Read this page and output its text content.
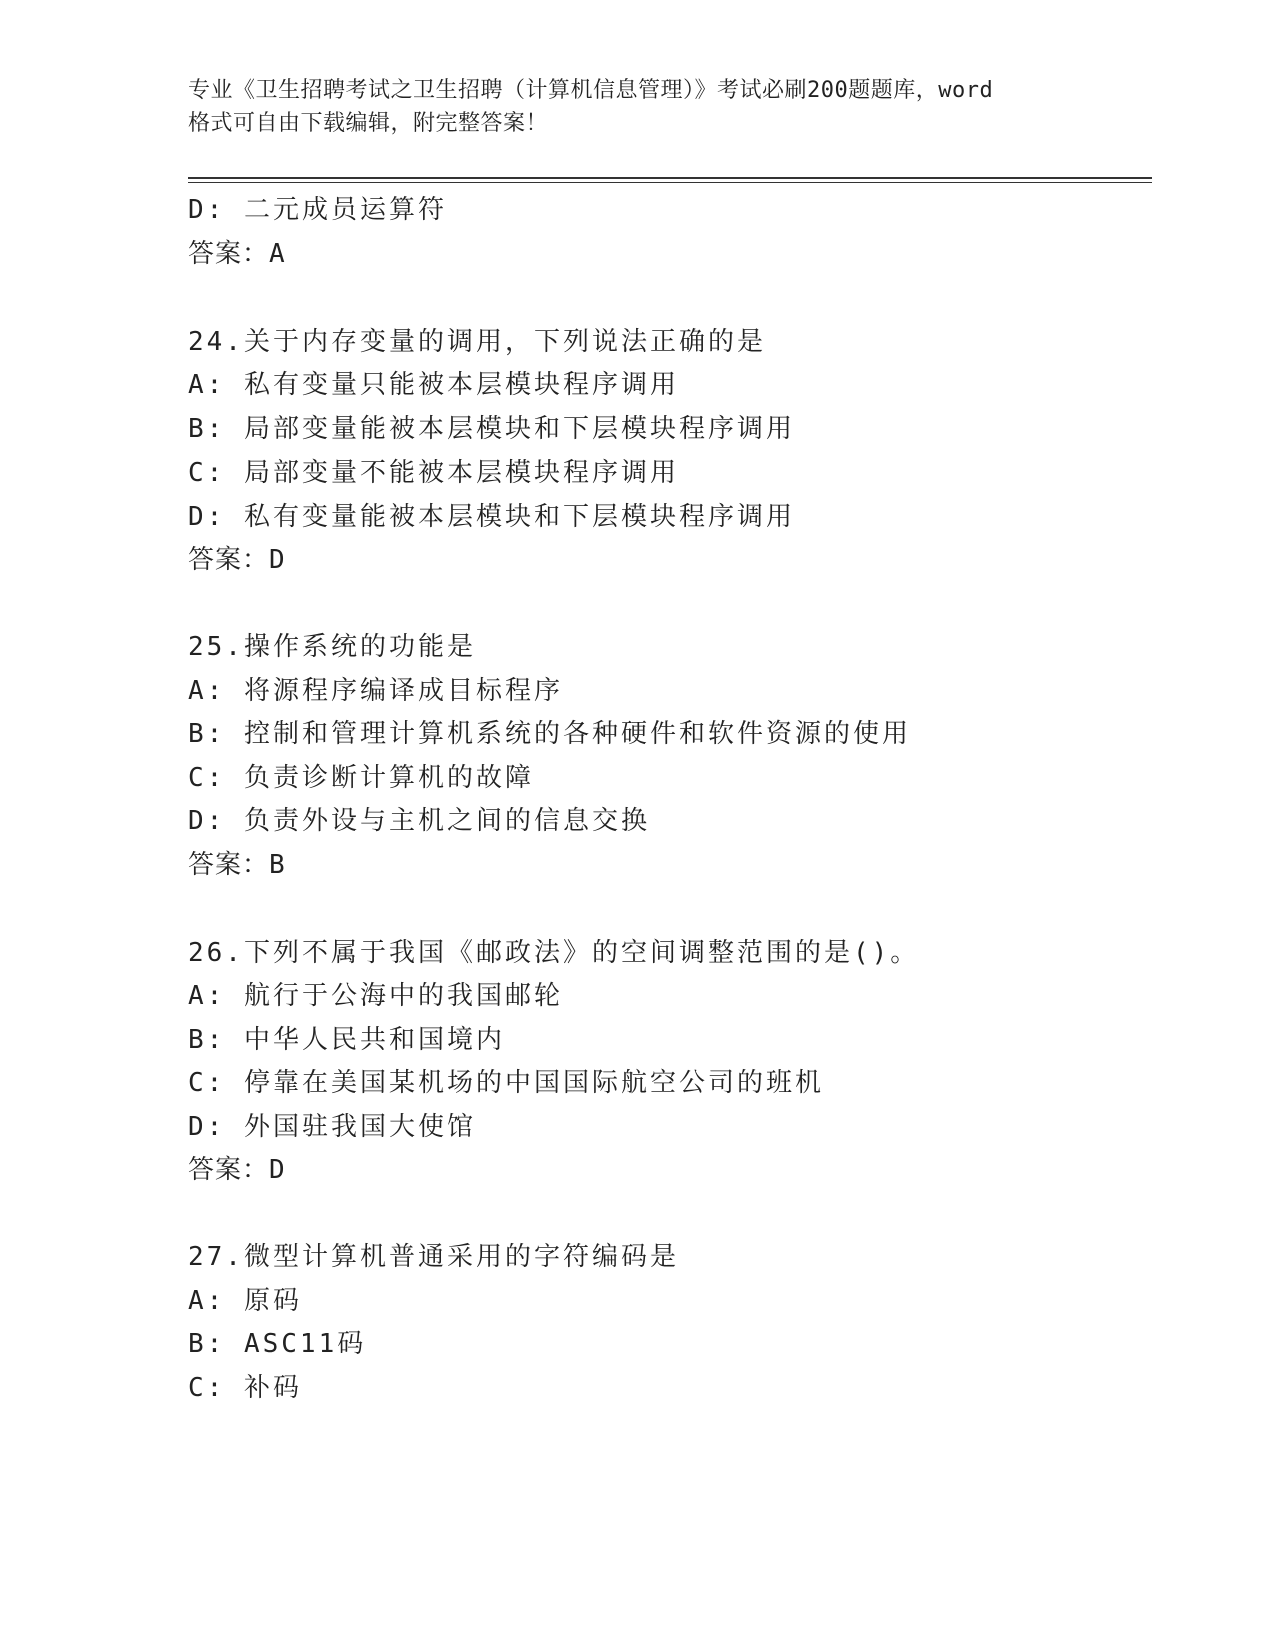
专业《卫生招聘考试之卫生招聘（计算机信息管理）》考试必刷200题题库，word
格式可自由下载编辑，附完整答案！
D: 二元成员运算符
答案：A
24.关于内存变量的调用，下列说法正确的是
A: 私有变量只能被本层模块程序调用
B: 局部变量能被本层模块和下层模块程序调用
C: 局部变量不能被本层模块程序调用
D: 私有变量能被本层模块和下层模块程序调用
答案：D
25.操作系统的功能是
A: 将源程序编译成目标程序
B: 控制和管理计算机系统的各种硬件和软件资源的使用
C: 负责诊断计算机的故障
D: 负责外设与主机之间的信息交换
答案：B
26.下列不属于我国《邮政法》的空间调整范围的是()。
A: 航行于公海中的我国邮轮
B: 中华人民共和国境内
C: 停靠在美国某机场的中国国际航空公司的班机
D: 外国驻我国大使馆
答案：D
27.微型计算机普通采用的字符编码是
A: 原码
B: ASC11码
C: 补码
